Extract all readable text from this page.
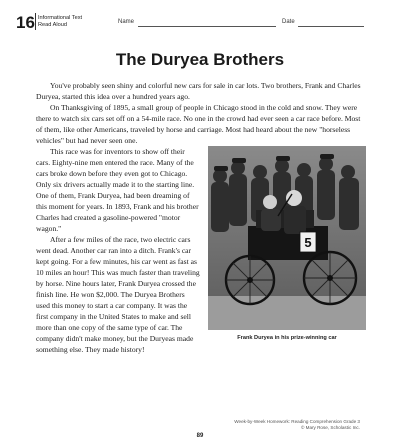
16 Informational Text
Read Aloud	Name	Date
The Duryea Brothers

You've probably seen shiny and colorful new cars for sale in car lots. Two brothers, Frank and Charles Duryea, started this idea over a hundred years ago.

On Thanksgiving of 1895, a small group of people in Chicago stood in the cold and snow. They were there to watch six cars set off on a 54-mile race. No one in the crowd had ever seen a car race before. Most of them, like other Americans, traveled by horse and carriage. Most had heard about the new "horseless vehicles" but had never seen one.

5
Frank Duryea in his prize-winning car

This race was for inventors to show off their cars. Eighty-nine men entered the race. Many of the cars broke down before they even got to Chicago. Only six drivers actually made it to the starting line. One of them, Frank Duryea, had been dreaming of this moment for years. In 1893, Frank and his brother Charles had created a gasoline-powered "motor wagon."

After a few miles of the race, two electric cars went dead. Another car ran into a ditch. Frank's car kept going. For a few minutes, his car went as fast as 10 miles an hour! This was much faster than traveling by horse. Nine hours later, Frank Duryea crossed the finish line. He won $2,000. The Duryea Brothers used this money to start a car company. It was the first company in the United States to make and sell more than one copy of the same type of car. The company didn't make money, but the Duryeas made something else. They made history!

Week-by-Week Homework: Reading Comprehension Grade 3
© Mary Rose, Scholastic Inc.
89
